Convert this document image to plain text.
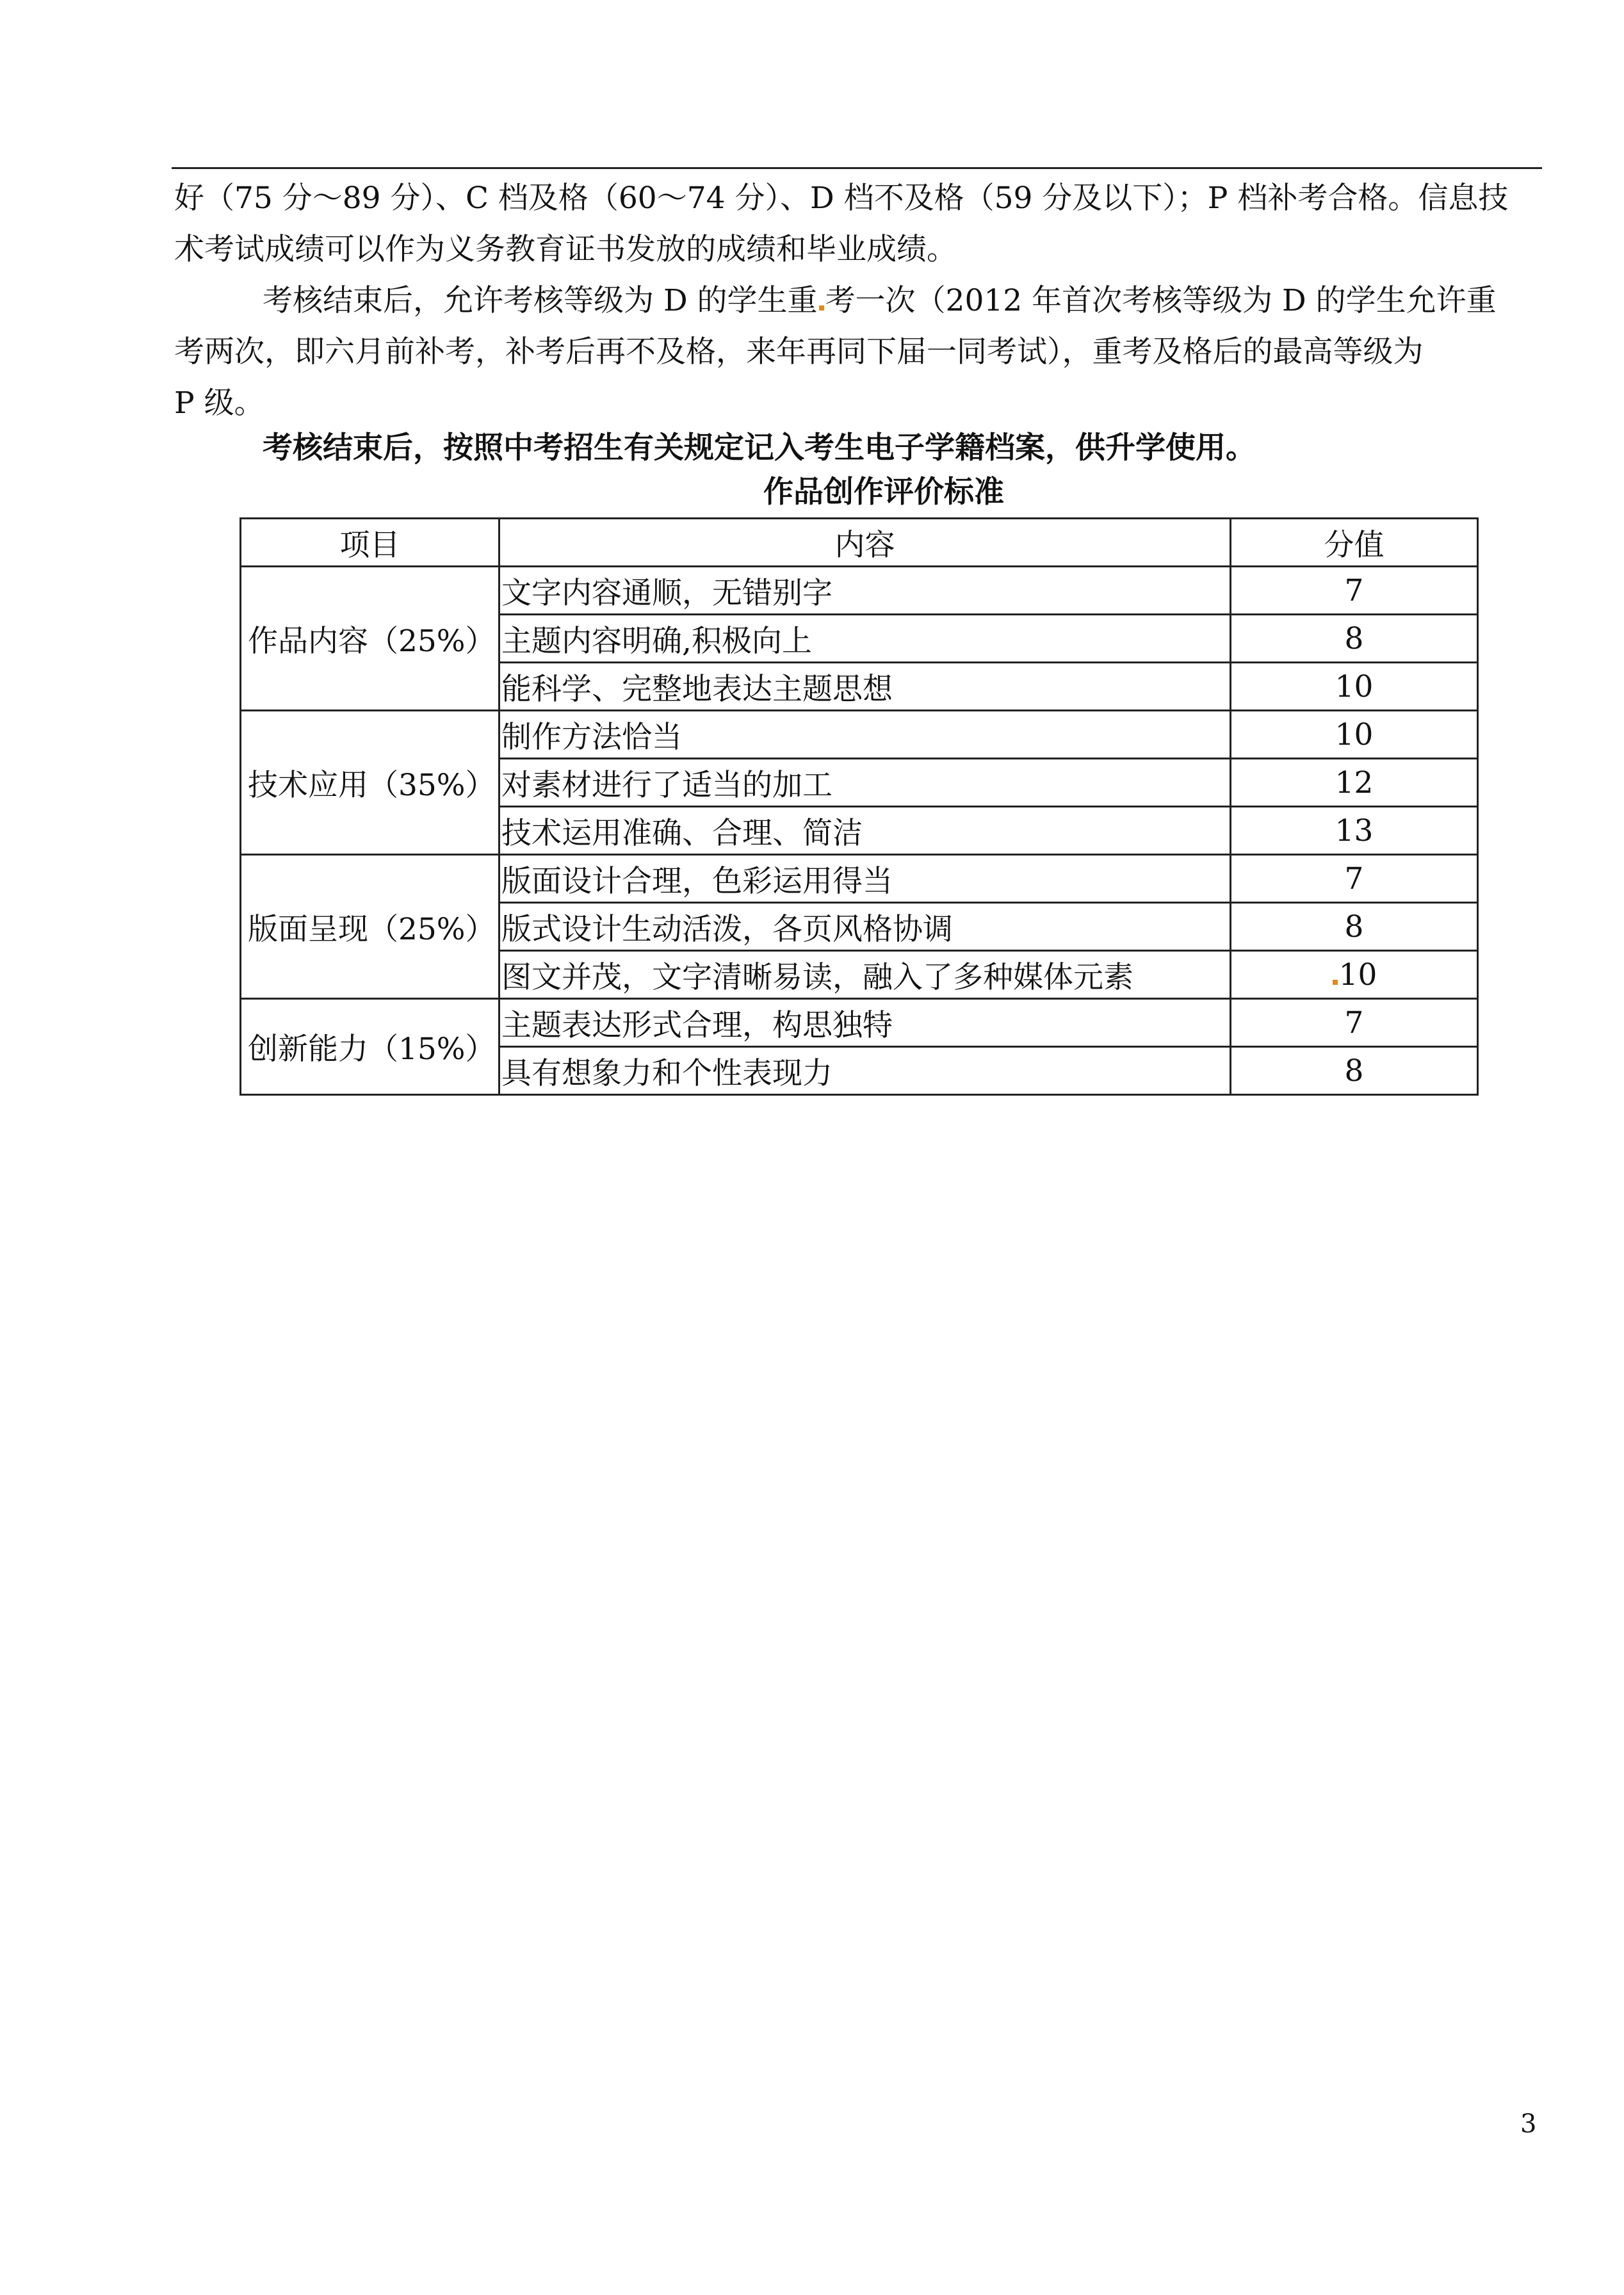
好（75 分～89 分）、C 档及格（60～74 分）、D 档不及格（59 分及以下）；P 档补考合格。信息技
术考试成绩可以作为义务教育证书发放的成绩和毕业成绩。

考核结束后，允许考核等级为 D 的学生重 考一次（2012 年首次考核等级为 D 的学生允许重
考两次，即六月前补考，补考后再不及格，来年再同下届一同考试），重考及格后的最高等级为
P 级。

考核结束后，按照中考招生有关规定记入考生电子学籍档案，供升学使用。

作品创作评价标准

项目	内容	分值
作品内容（25%）	文字内容通顺，无错别字	7
	主题内容明确,积极向上	8
	能科学、完整地表达主题思想	10
技术应用（35%）	制作方法恰当	10
	对素材进行了适当的加工	12
	技术运用准确、合理、简洁	13
版面呈现（25%）	版面设计合理，色彩运用得当	7
	版式设计生动活泼，各页风格协调	8
	图文并茂，文字清晰易读，融入了多种媒体元素	10
创新能力（15%）	主题表达形式合理，构思独特	7
	具有想象力和个性表现力	8
3
